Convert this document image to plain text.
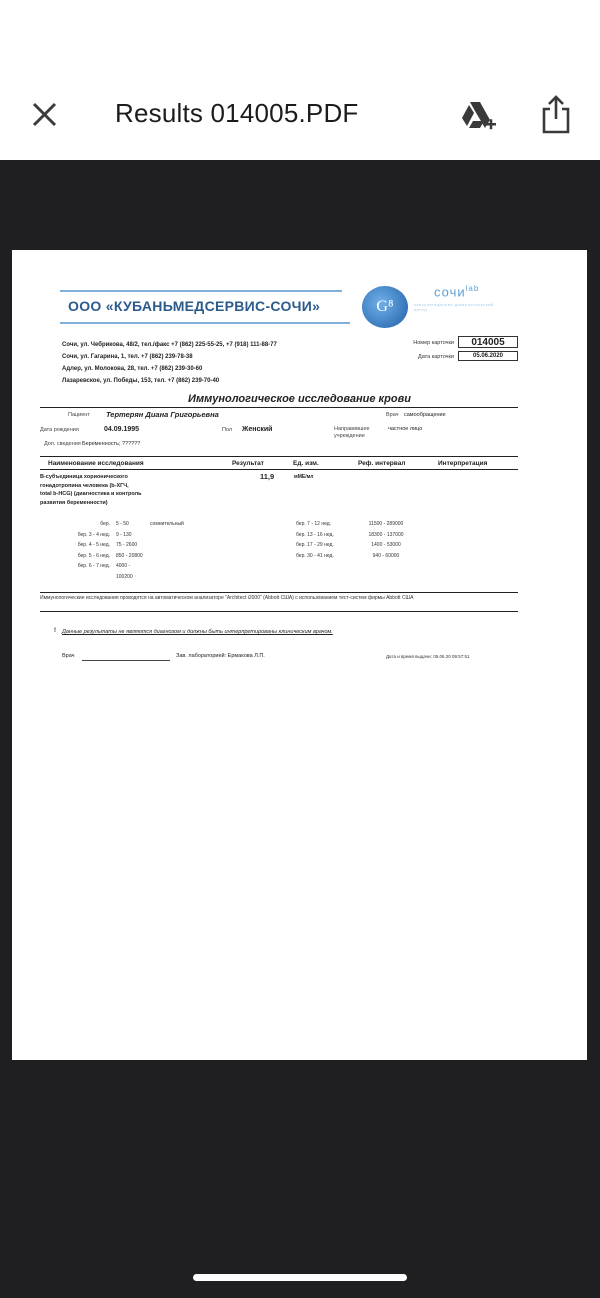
Results 014005.PDF
ООО «КУБАНЬМЕДСЕРВИС-СОЧИ»	G⁸
сочи$^{lab}$
консультационно диагностический центр
Сочи, ул. Чебрикова, 48/2, тел./факс +7 (862) 225-55-25, +7 (918) 111-88-77
Сочи, ул. Гагарина, 1, тел. +7 (862) 239-78-38
Адлер, ул. Молокова, 28, тел. +7 (862) 239-30-60
Лазаревское, ул. Победы, 153, тел. +7 (862) 239-70-40
Номер карточки	014005
Дата карточки	05.06.2020
Иммунологическое исследование крови
Пациент Тертерян Диана Григорьевна	Врач самообращение
Дата рождения	04.09.1995	Пол Женский	Направившее учреждение
частное лицо
Доп. сведения Беременность; ??????
Наименование исследования	Результат	Ед. изм.	Реф. интервал	Интерпретация
В-субъединица хорионического
гонадотропина человека (b-ХГЧ,
total b-HCG) (диагностика и контроль
развития беременности)
11,9	мМЕ/мл
бер. 5 - 50	сомнительный
бер. 3 - 4 нед. 9 - 130
бер. 4 - 5 нед. 75 - 2600
бер. 5 - 6 нед. 850 - 20800
бер. 6 - 7 нед. 4000 -
100200
бер. 7 - 12 нед.	11500 - 289000
бер. 13 - 16 нед.	18300 - 137000
бер. 17 - 29 нед.	1400 - 53000
бер. 30 - 41 нед.	940 - 60000
Иммунологические исследования проводятся на автоматическом анализаторе "Architect i2000" (Abbott США) с использованием тест-систем фирмы Abbott США
! Данные результаты не являются диагнозом и должны быть интерпретированы клиническим врачом.
Врач	Зав. лабораторией: Ермакова Л.П.	Дата и время выдачи: 05.06.20 09:57:51
